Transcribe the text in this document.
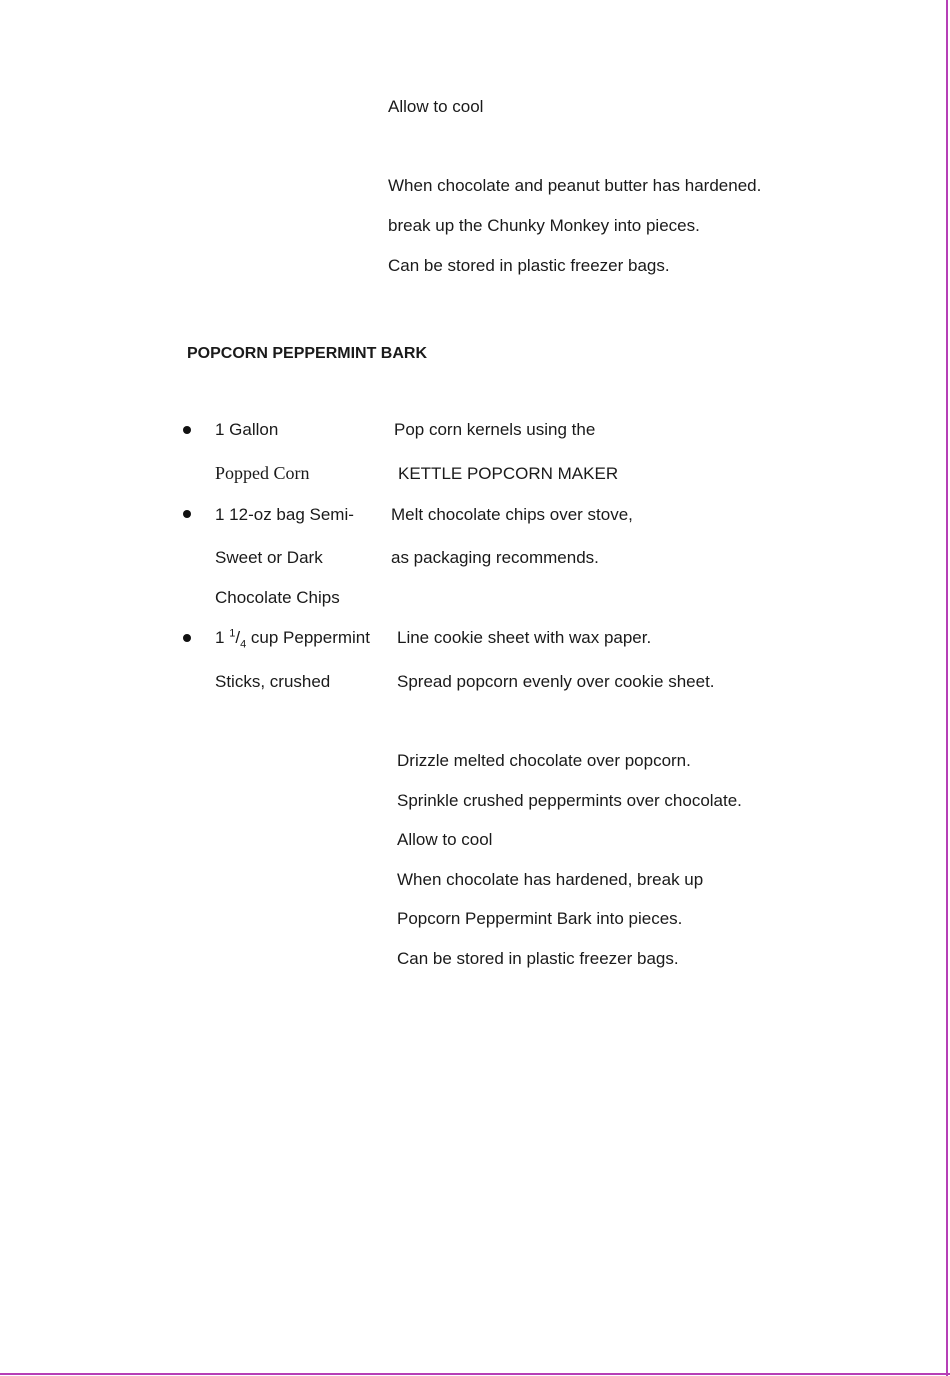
Allow to cool
When chocolate and peanut butter has hardened.
break up the Chunky Monkey into pieces.
Can be stored in plastic freezer bags.
POPCORN PEPPERMINT BARK
1 Gallon
Popped Corn
1 12-oz bag Semi-
Sweet or Dark
Chocolate Chips
1 $^1/_4$ cup Peppermint
Sticks, crushed
Pop corn kernels using the
KETTLE POPCORN MAKER
Melt chocolate chips over stove,
as packaging recommends.
Line cookie sheet with wax paper.
Spread popcorn evenly over cookie sheet.
Drizzle melted chocolate over popcorn.
Sprinkle crushed peppermints over chocolate.
Allow to cool
When chocolate has hardened, break up
Popcorn Peppermint Bark into pieces.
Can be stored in plastic freezer bags.
